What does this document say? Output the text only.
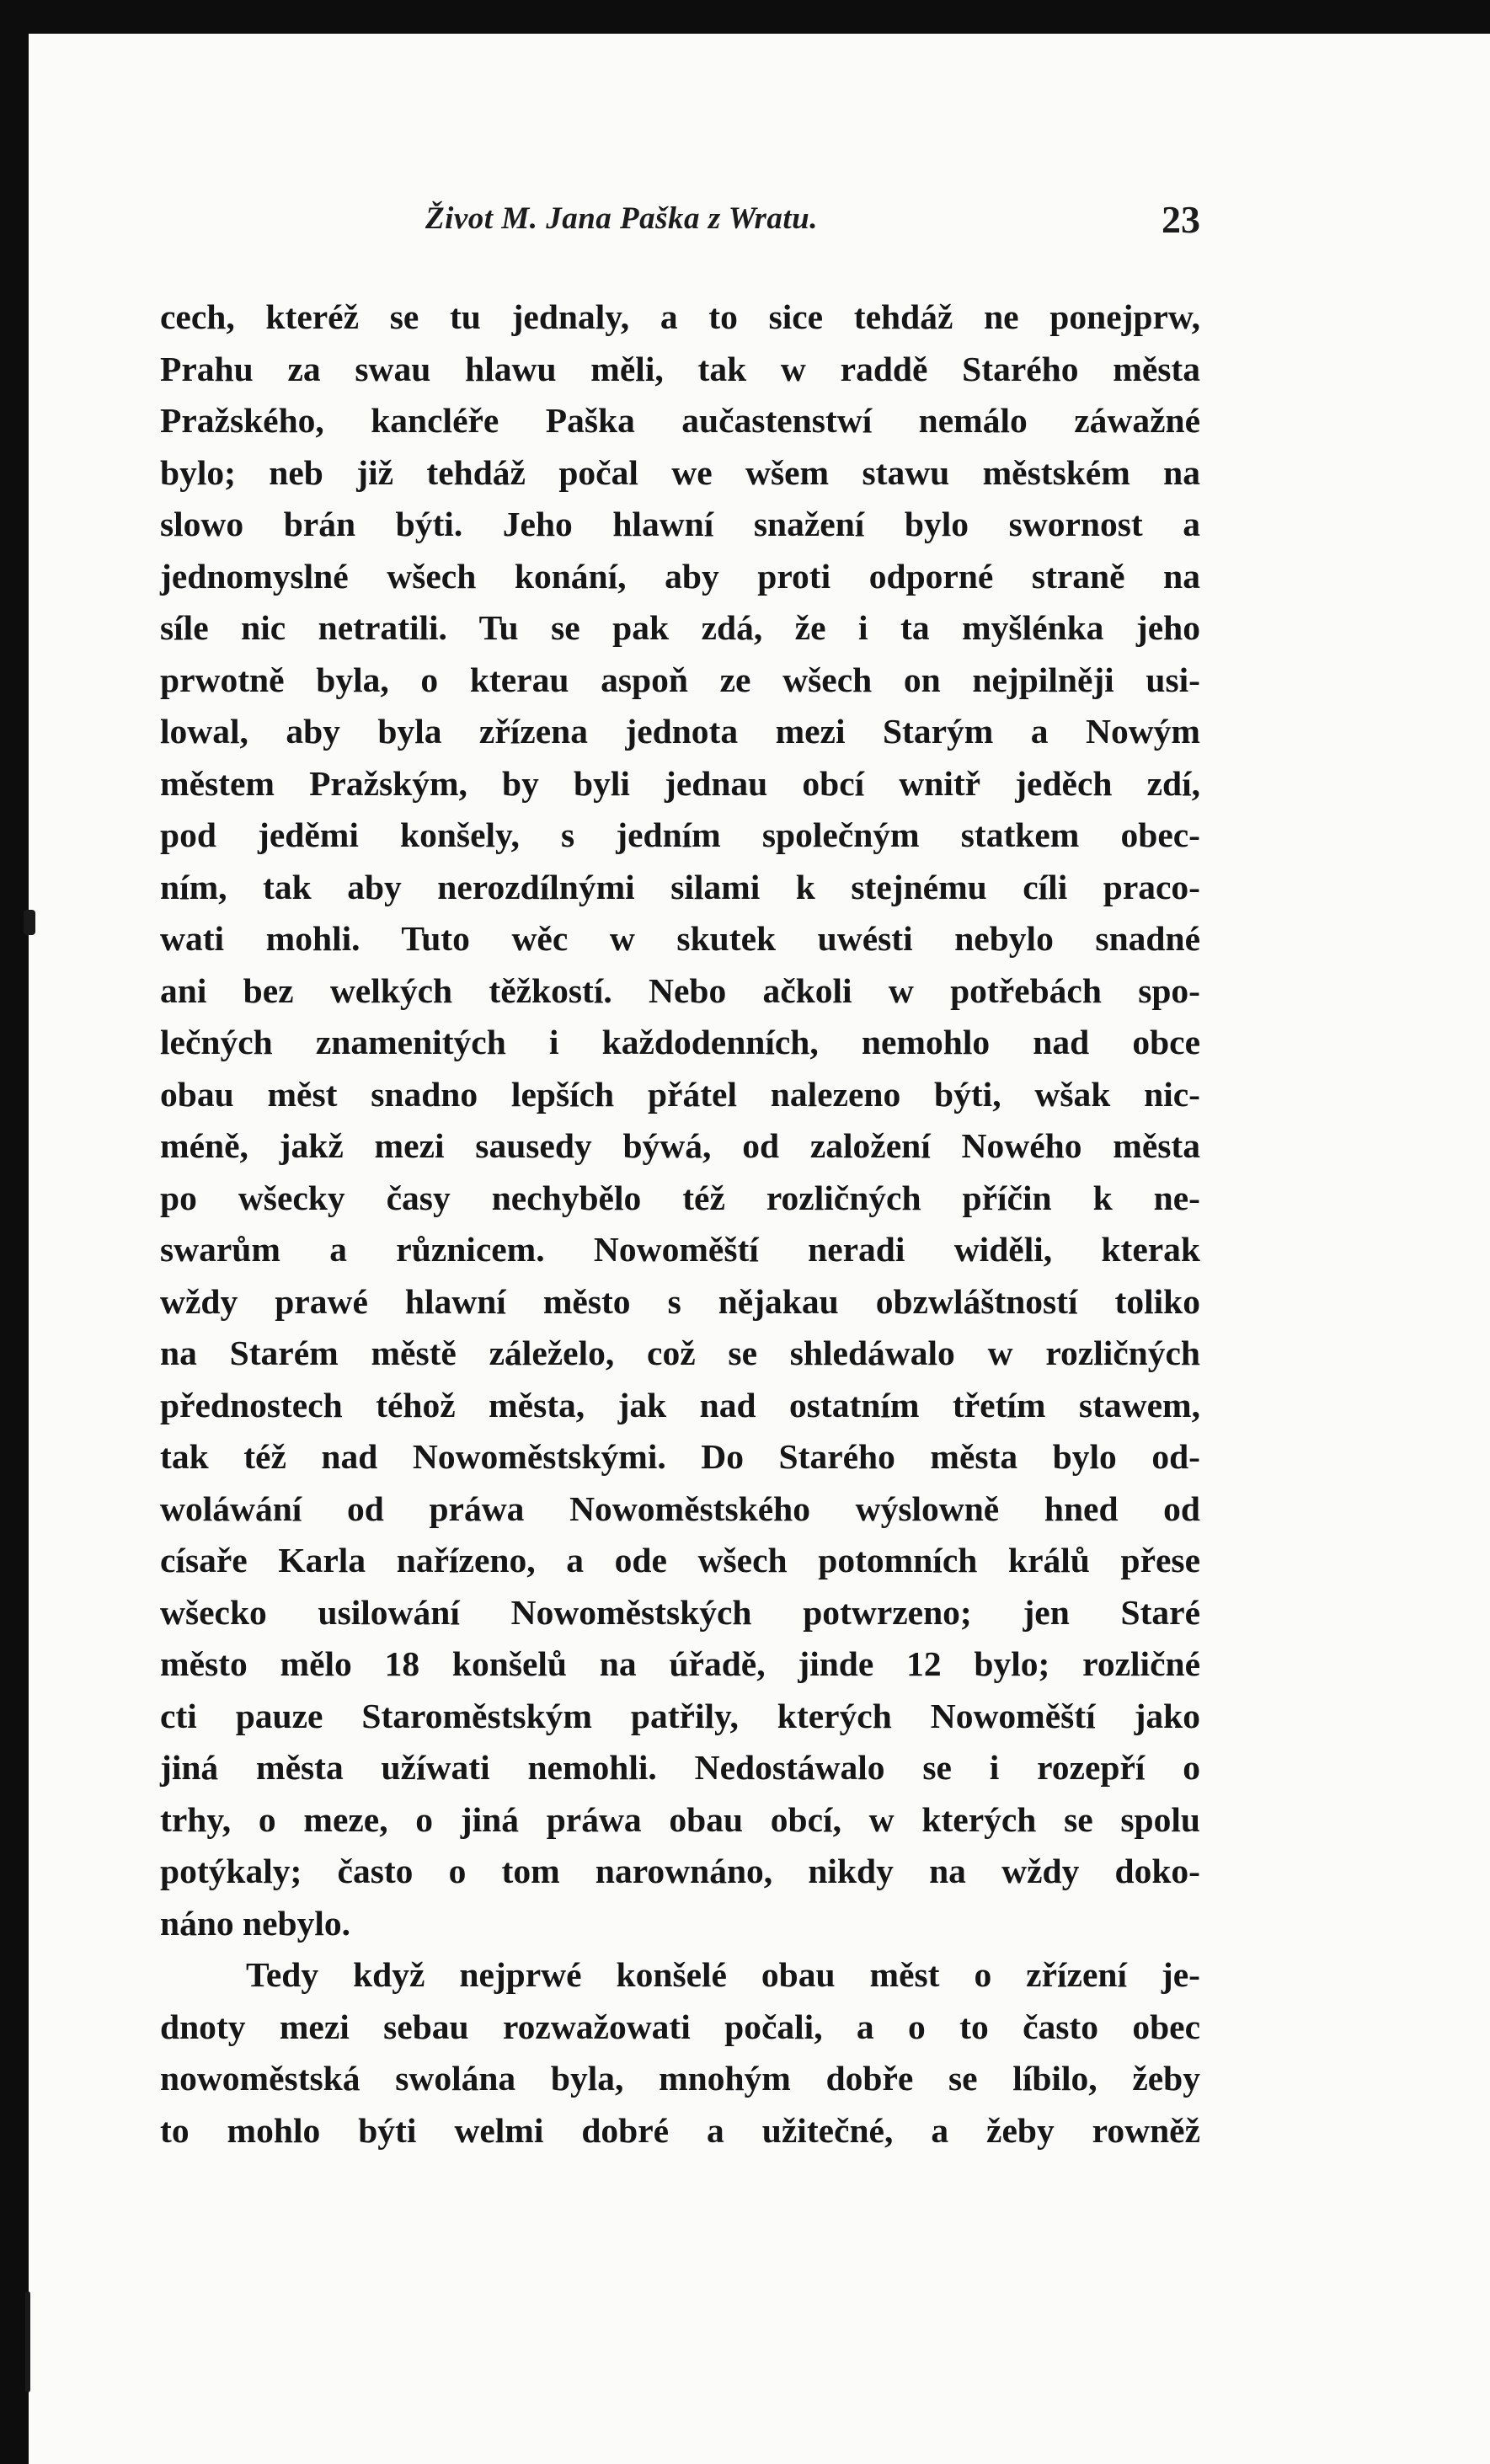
Život M. Jana Paška z Wratu.	23
cech, kteréž se tu jednaly, a to sice tehdáž ne ponejprw,
Prahu za swau hlawu měli, tak w raddě Starého města
Pražského, kancléře Paška aučastenstwí nemálo záwažné
bylo; neb již tehdáž počal we wšem stawu městském na
slowo brán býti. Jeho hlawní snažení bylo swornost a
jednomyslné wšech konání, aby proti odporné straně na
síle nic netratili. Tu se pak zdá, že i ta myšlénka jeho
prwotně byla, o kterau aspoň ze wšech on nejpilněji usi-
lowal, aby byla zřízena jednota mezi Starým a Nowým
městem Pražským, by byli jednau obcí wnitř jeděch zdí,
pod jeděmi konšely, s jedním společným statkem obec-
ním, tak aby nerozdílnými silami k stejnému cíli praco-
wati mohli. Tuto wěc w skutek uwésti nebylo snadné
ani bez welkých těžkostí. Nebo ačkoli w potřebách spo-
lečných znamenitých i každodenních, nemohlo nad obce
obau měst snadno lepších přátel nalezeno býti, wšak nic-
méně, jakž mezi sausedy býwá, od založení Nowého města
po wšecky časy nechybělo též rozličných příčin k ne-
swarům a různicem. Nowoměští neradi widěli, kterak
wždy prawé hlawní město s nějakau obzwláštností toliko
na Starém městě záleželo, což se shledáwalo w rozličných
přednostech téhož města, jak nad ostatním třetím stawem,
tak též nad Nowoměstskými. Do Starého města bylo od-
woláwání od práwa Nowoměstského wýslowně hned od
císaře Karla nařízeno, a ode wšech potomních králů přese
wšecko usilowání Nowoměstských potwrzeno; jen Staré
město mělo 18 konšelů na úřadě, jinde 12 bylo; rozličné
cti pauze Staroměstským patřily, kterých Nowoměští jako
jiná města užíwati nemohli. Nedostáwalo se i rozepří o
trhy, o meze, o jiná práwa obau obcí, w kterých se spolu
potýkaly; často o tom narownáno, nikdy na wždy doko-
náno nebylo.
Tedy když nejprwé konšelé obau měst o zřízení je-
dnoty mezi sebau rozwažowati počali, a o to často obec
nowoměstská swolána byla, mnohým dobře se líbilo, žeby
to mohlo býti welmi dobré a užitečné, a žeby rowněž
